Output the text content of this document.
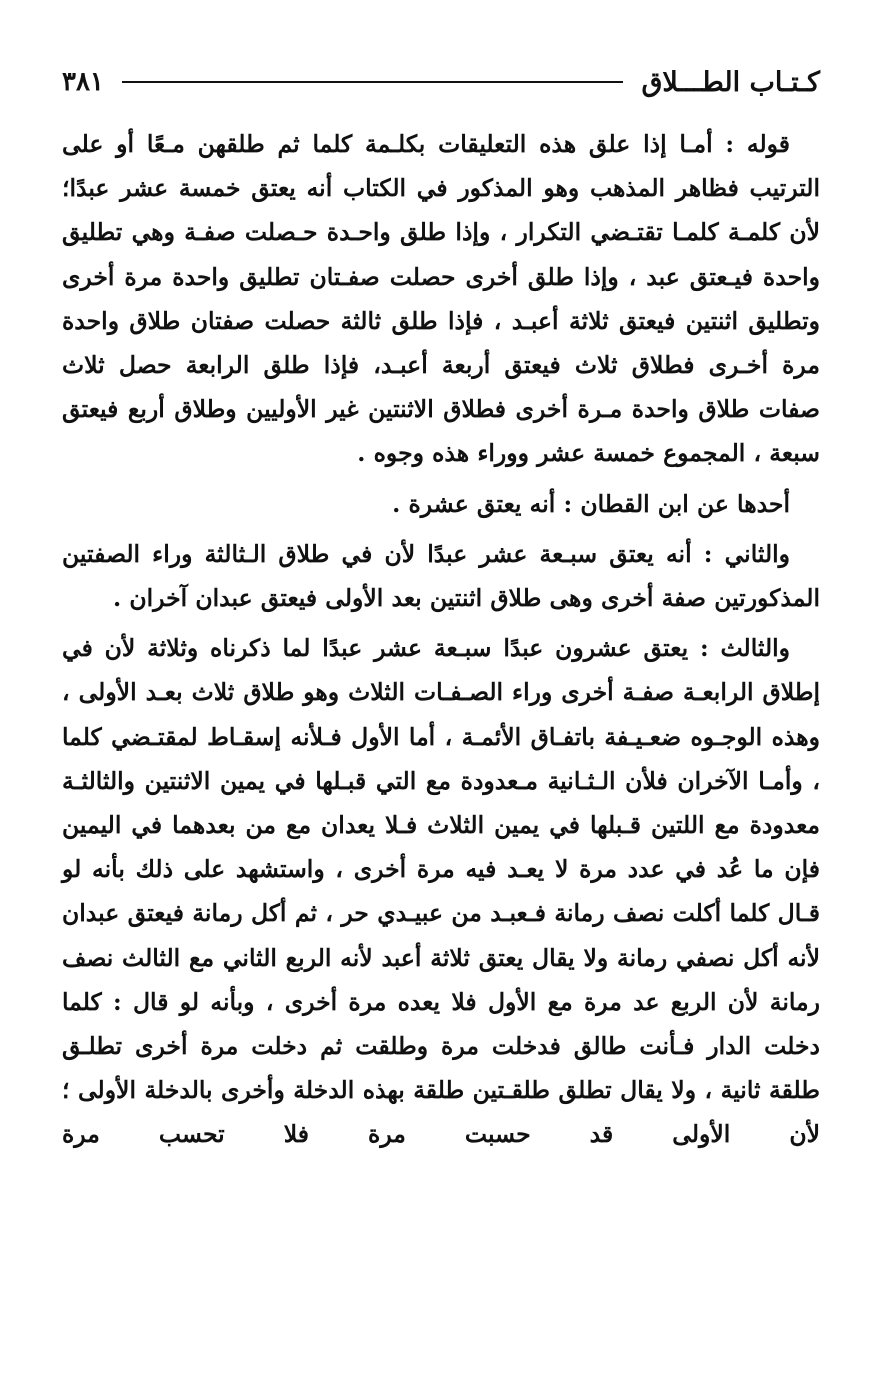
كـتـاب الطـــلاق
٣٨١

قوله : أمـا إذا علق هذه التعليقات بكلـمة كلما ثم طلقهن مـعًا أو على الترتيب فظاهر المذهب وهو المذكور في الكتاب أنه يعتق خمسة عشر عبدًا؛ لأن كلمـة كلمـا تقتـضي التكرار ، وإذا طلق واحـدة حـصلت صفـة وهي تطليق واحدة فيـعتق عبد ، وإذا طلق أخرى حصلت صفـتان تطليق واحدة مرة أخرى وتطليق اثنتين فيعتق ثلاثة أعبـد ، فإذا طلق ثالثة حصلت صفتان طلاق واحدة مرة أخـرى فطلاق ثلاث فيعتق أربعة أعبـد، فإذا طلق الرابعة حصل ثلاث صفات طلاق واحدة مـرة أخرى فطلاق الاثنتين غير الأوليين وطلاق أربع فيعتق سبعة ، المجموع خمسة عشر ووراء هذه وجوه .

أحدها عن ابن القطان : أنه يعتق عشرة .

والثاني : أنه يعتق سبـعة عشر عبدًا لأن في طلاق الـثالثة وراء الصفتين المذكورتين صفة أخرى وهى طلاق اثنتين بعد الأولى فيعتق عبدان آخران .

والثالث : يعتق عشرون عبدًا سبـعة عشر عبدًا لما ذكرناه وثلاثة لأن في إطلاق الرابعـة صفـة أخرى وراء الصـفـات الثلاث وهو طلاق ثلاث بعـد الأولى ، وهذه الوجـوه ضعـيـفة باتفـاق الأئمـة ، أما الأول فـلأنه إسقـاط لمقتـضي كلما ، وأمـا الآخران فلأن الـثـانية مـعدودة مع التي قبـلها في يمين الاثنتين والثالثـة معدودة مع اللتين قـبلها في يمين الثلاث فـلا يعدان مع من بعدهما في اليمين فإن ما عُد في عدد مرة لا يعـد فيه مرة أخرى ، واستشهد على ذلك بأنه لو قـال كلما أكلت نصف رمانة فـعبـد من عبيـدي حر ، ثم أكل رمانة فيعتق عبدان لأنه أكل نصفي رمانة ولا يقال يعتق ثلاثة أعبد لأنه الربع الثاني مع الثالث نصف رمانة لأن الربع عد مرة مع الأول فلا يعده مرة أخرى ، وبأنه لو قال : كلما دخلت الدار فـأنت طالق فدخلت مرة وطلقت ثم دخلت مرة أخرى تطلـق طلقة ثانية ، ولا يقال تطلق طلقـتين طلقة بهذه الدخلة وأخرى بالدخلة الأولى ؛ لأن الأولى قد حسبت مرة فلا تحسب مرة
